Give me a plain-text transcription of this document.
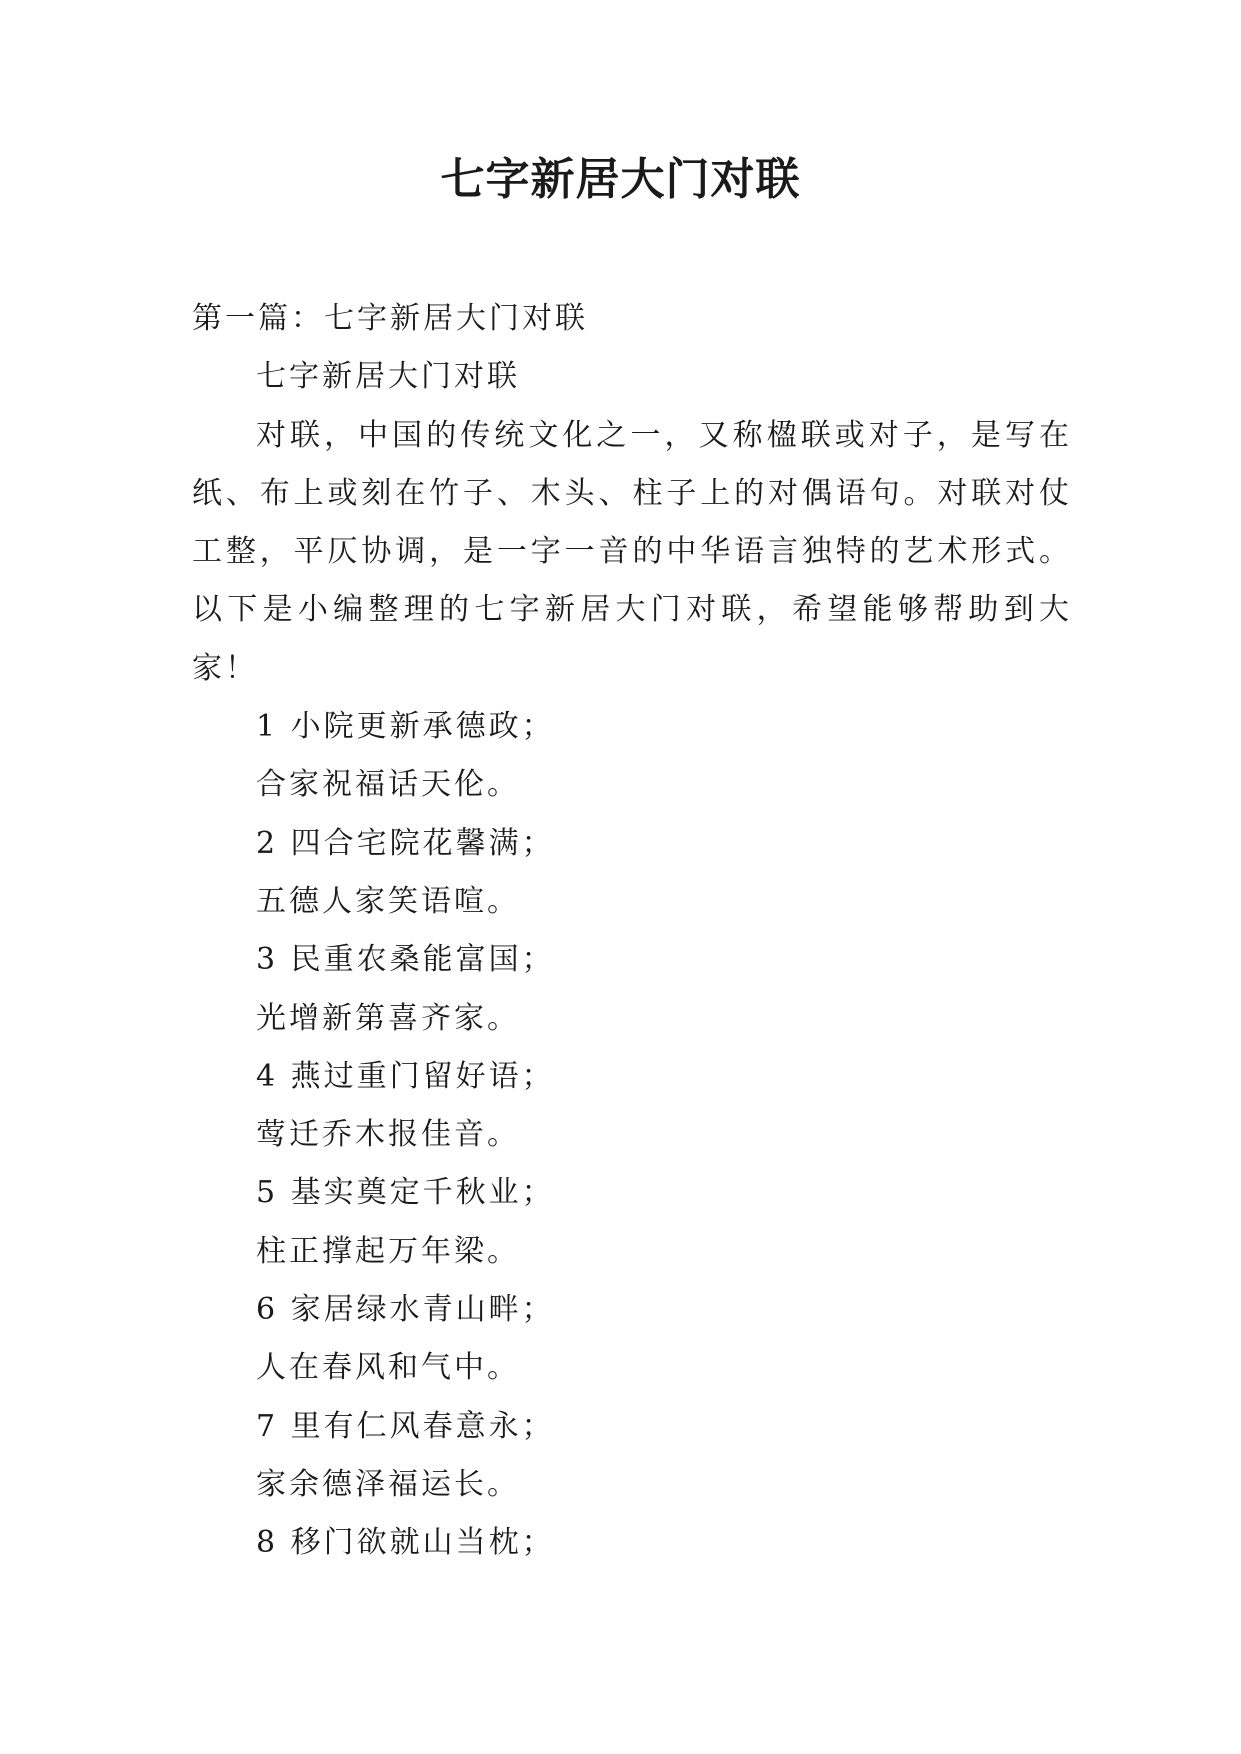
七字新居大门对联

第一篇：七字新居大门对联

七字新居大门对联

对联，中国的传统文化之一，又称楹联或对子，是写在纸、布上或刻在竹子、木头、柱子上的对偶语句。对联对仗工整，平仄协调，是一字一音的中华语言独特的艺术形式。以下是小编整理的七字新居大门对联，希望能够帮助到大家！

1 小院更新承德政；

合家祝福话天伦。

2 四合宅院花馨满；

五德人家笑语喧。

3 民重农桑能富国；

光增新第喜齐家。

4 燕过重门留好语；

莺迁乔木报佳音。

5 基实奠定千秋业；

柱正撑起万年梁。

6 家居绿水青山畔；

人在春风和气中。

7 里有仁风春意永；

家余德泽福运长。

8 移门欲就山当枕；
